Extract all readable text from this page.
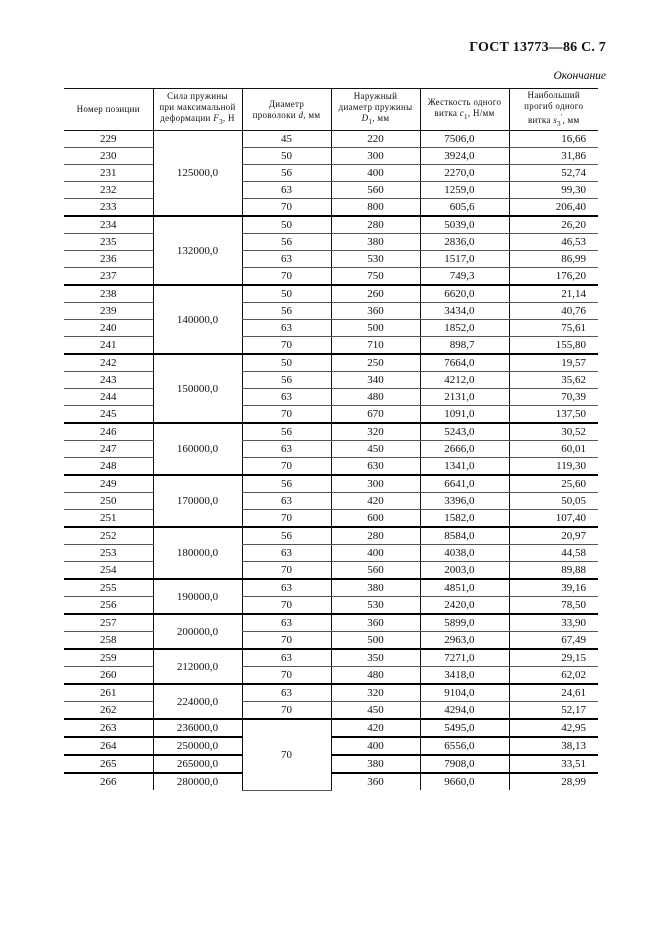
ГОСТ 13773—86 С. 7
Окончание
Номер позиции	Сила пружины
при максимальной
деформации $F_3$, Н	Диаметр
проволоки d, мм	Наружный
диаметр пружины
$D_1$, мм	Жесткость одного
витка $c_1$, Н/мм	Наибольший
прогиб одного
витка $s_3'$, мм
229	125000,0	45	220	7506,0	16,66
230		50	300	3924,0	31,86
231		56	400	2270,0	52,74
232		63	560	1259,0	99,30
233		70	800	605,6	206,40
234	132000,0	50	280	5039,0	26,20
235		56	380	2836,0	46,53
236		63	530	1517,0	86,99
237		70	750	749,3	176,20
238	140000,0	50	260	6620,0	21,14
239		56	360	3434,0	40,76
240		63	500	1852,0	75,61
241		70	710	898,7	155,80
242	150000,0	50	250	7664,0	19,57
243		56	340	4212,0	35,62
244		63	480	2131,0	70,39
245		70	670	1091,0	137,50
246	160000,0	56	320	5243,0	30,52
247		63	450	2666,0	60,01
248		70	630	1341,0	119,30
249	170000,0	56	300	6641,0	25,60
250		63	420	3396,0	50,05
251		70	600	1582,0	107,40
252	180000,0	56	280	8584,0	20,97
253		63	400	4038,0	44,58
254		70	560	2003,0	89,88
255	190000,0	63	380	4851,0	39,16
256		70	530	2420,0	78,50
257	200000,0	63	360	5899,0	33,90
258		70	500	2963,0	67,49
259	212000,0	63	350	7271,0	29,15
260		70	480	3418,0	62,02
261	224000,0	63	320	9104,0	24,61
262		70	450	4294,0	52,17
263	236000,0	70	420	5495,0	42,95
264	250000,0		400	6556,0	38,13
265	265000,0		380	7908,0	33,51
266	280000,0		360	9660,0	28,99
